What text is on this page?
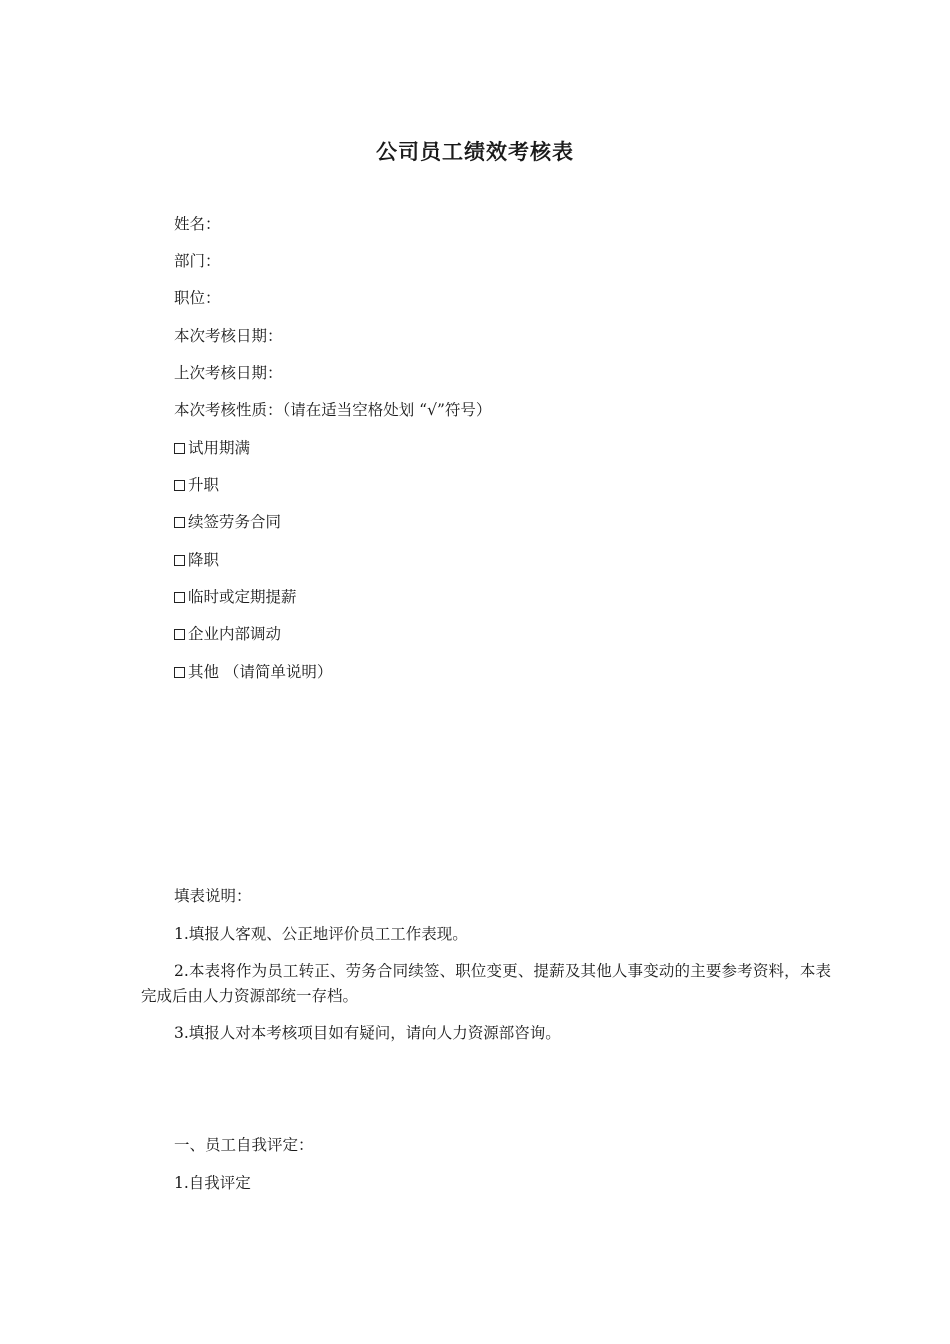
公司员工绩效考核表
姓名：
部门：
职位：
本次考核日期：
上次考核日期：
本次考核性质：（请在适当空格处划 “√”符号）
试用期满
升职
续签劳务合同
降职
临时或定期提薪
企业内部调动
其他 （请简单说明）
填表说明：
1.填报人客观、公正地评价员工工作表现。
2.本表将作为员工转正、劳务合同续签、职位变更、提薪及其他人事变动的主要参考资料，本表完成后由人力资源部统一存档。
3.填报人对本考核项目如有疑问，请向人力资源部咨询。
一、员工自我评定：
1.自我评定
